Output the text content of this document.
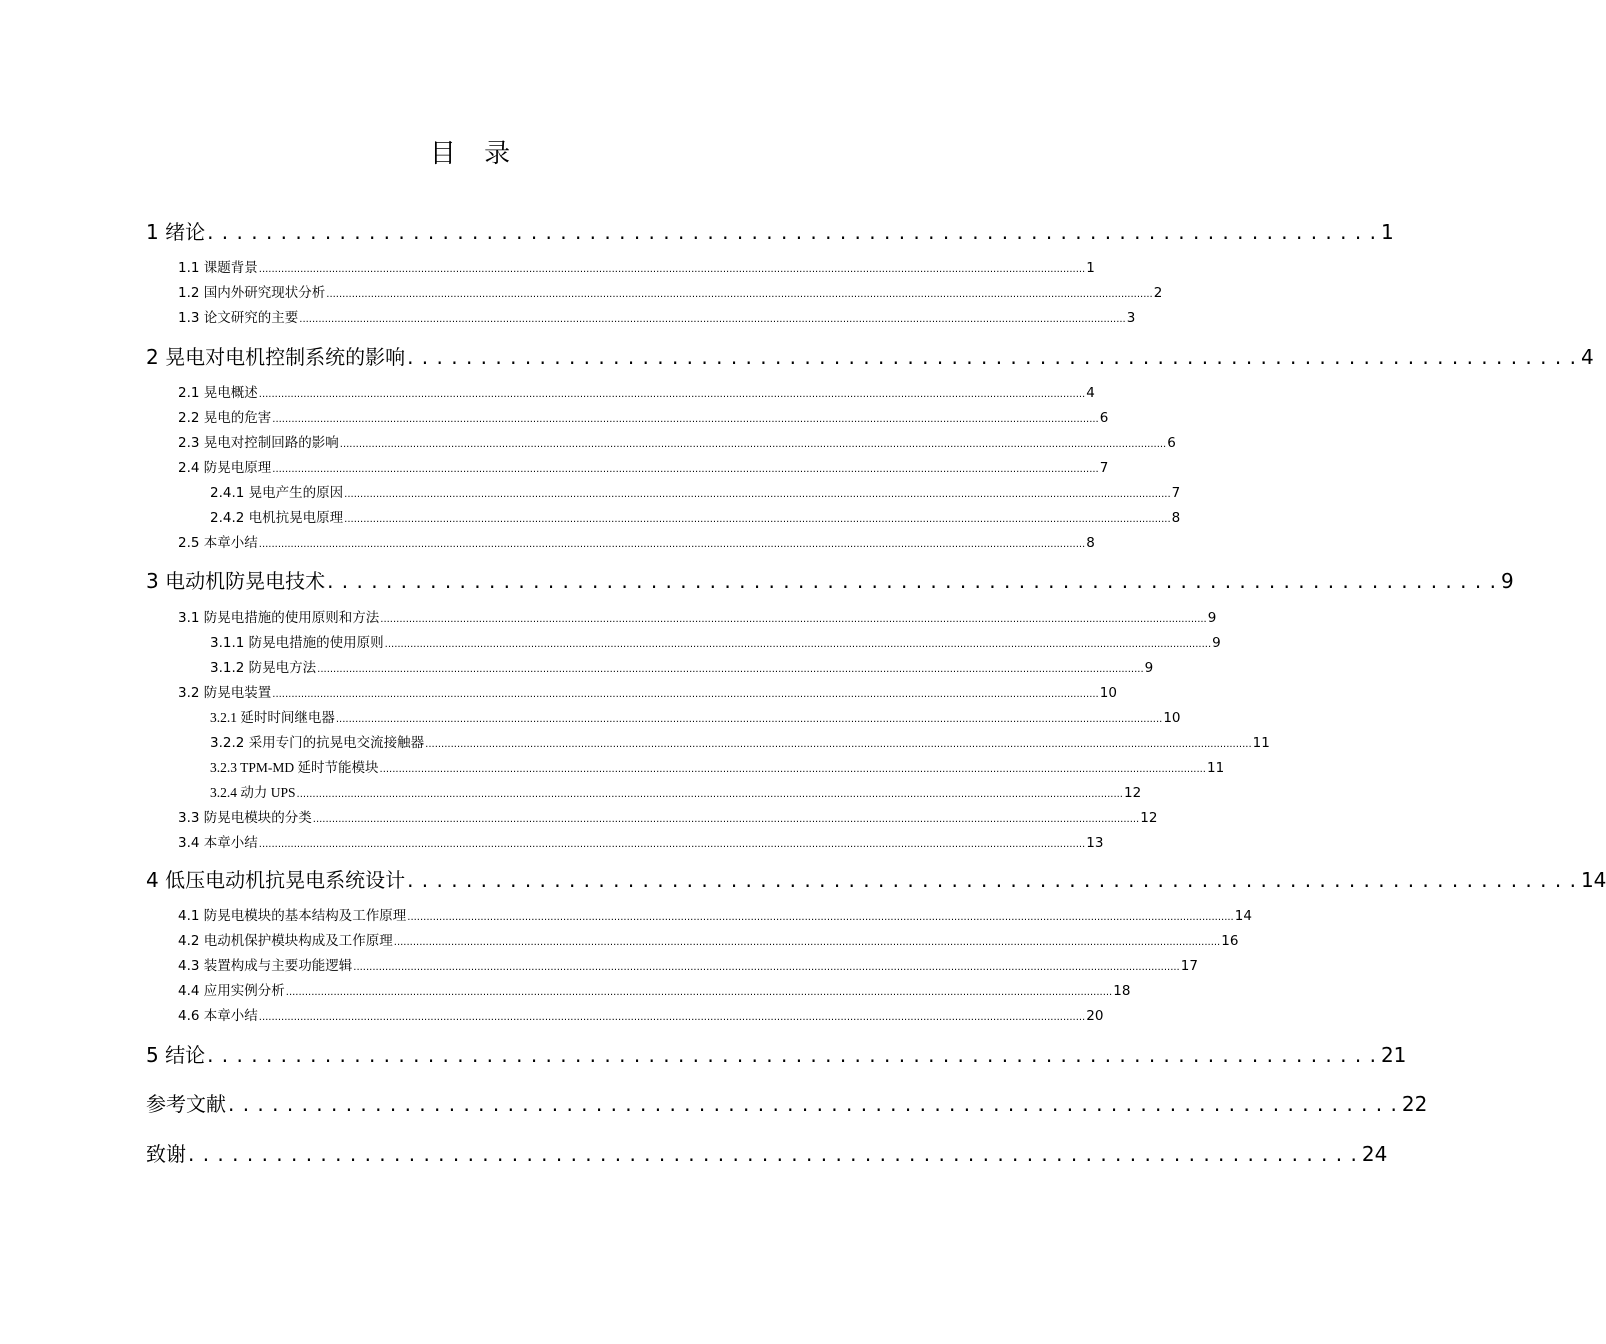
目 录
1 绪论 . . . . . . . . . . . . . . . . . . . . . . . . . . . . . . . . . . . . . . . . . . . . . . . . . . . . . . . . . . . . . . . . . . . . . . . . . . . . . . . . 1
1.1 课题背景 .................................................................................................................................................................................................................................................................... 1
1.2 国内外研究现状分析 .................................................................................................................................................................................................................................................................... 2
1.3 论文研究的主要 .................................................................................................................................................................................................................................................................... 3
2 晃电对电机控制系统的影响 . . . . . . . . . . . . . . . . . . . . . . . . . . . . . . . . . . . . . . . . . . . . . . . . . . . . . . . . . . . . . . . . . . . . . . . . . . . . . . . . 4
2.1 晃电概述 .................................................................................................................................................................................................................................................................... 4
2.2 晃电的危害 .................................................................................................................................................................................................................................................................... 6
2.3 晃电对控制回路的影响 .................................................................................................................................................................................................................................................................... 6
2.4 防晃电原理 .................................................................................................................................................................................................................................................................... 7
2.4.1 晃电产生的原因 .................................................................................................................................................................................................................................................................... 7
2.4.2 电机抗晃电原理 .................................................................................................................................................................................................................................................................... 8
2.5 本章小结 .................................................................................................................................................................................................................................................................... 8
3 电动机防晃电技术 . . . . . . . . . . . . . . . . . . . . . . . . . . . . . . . . . . . . . . . . . . . . . . . . . . . . . . . . . . . . . . . . . . . . . . . . . . . . . . . . 9
3.1 防晃电措施的使用原则和方法 .................................................................................................................................................................................................................................................................... 9
3.1.1 防晃电措施的使用原则 .................................................................................................................................................................................................................................................................... 9
3.1.2 防晃电方法 .................................................................................................................................................................................................................................................................... 9
3.2 防晃电装置 .................................................................................................................................................................................................................................................................... 10
3.2.1 延时时间继电器 .................................................................................................................................................................................................................................................................... 10
3.2.2 采用专门的抗晃电交流接触器 .................................................................................................................................................................................................................................................................... 11
3.2.3 TPM-MD 延时节能模块 .................................................................................................................................................................................................................................................................... 11
3.2.4 动力 UPS .................................................................................................................................................................................................................................................................... 12
3.3 防晃电模块的分类 .................................................................................................................................................................................................................................................................... 12
3.4 本章小结 .................................................................................................................................................................................................................................................................... 13
4 低压电动机抗晃电系统设计 . . . . . . . . . . . . . . . . . . . . . . . . . . . . . . . . . . . . . . . . . . . . . . . . . . . . . . . . . . . . . . . . . . . . . . . . . . . . . . . . 14
4.1 防晃电模块的基本结构及工作原理 .................................................................................................................................................................................................................................................................... 14
4.2 电动机保护模块构成及工作原理 .................................................................................................................................................................................................................................................................... 16
4.3 装置构成与主要功能逻辑 .................................................................................................................................................................................................................................................................... 17
4.4 应用实例分析 .................................................................................................................................................................................................................................................................... 18
4.6 本章小结 .................................................................................................................................................................................................................................................................... 20
5 结论 . . . . . . . . . . . . . . . . . . . . . . . . . . . . . . . . . . . . . . . . . . . . . . . . . . . . . . . . . . . . . . . . . . . . . . . . . . . . . . . . 21
参考文献 . . . . . . . . . . . . . . . . . . . . . . . . . . . . . . . . . . . . . . . . . . . . . . . . . . . . . . . . . . . . . . . . . . . . . . . . . . . . . . . . 22
致谢 . . . . . . . . . . . . . . . . . . . . . . . . . . . . . . . . . . . . . . . . . . . . . . . . . . . . . . . . . . . . . . . . . . . . . . . . . . . . . . . . 24
